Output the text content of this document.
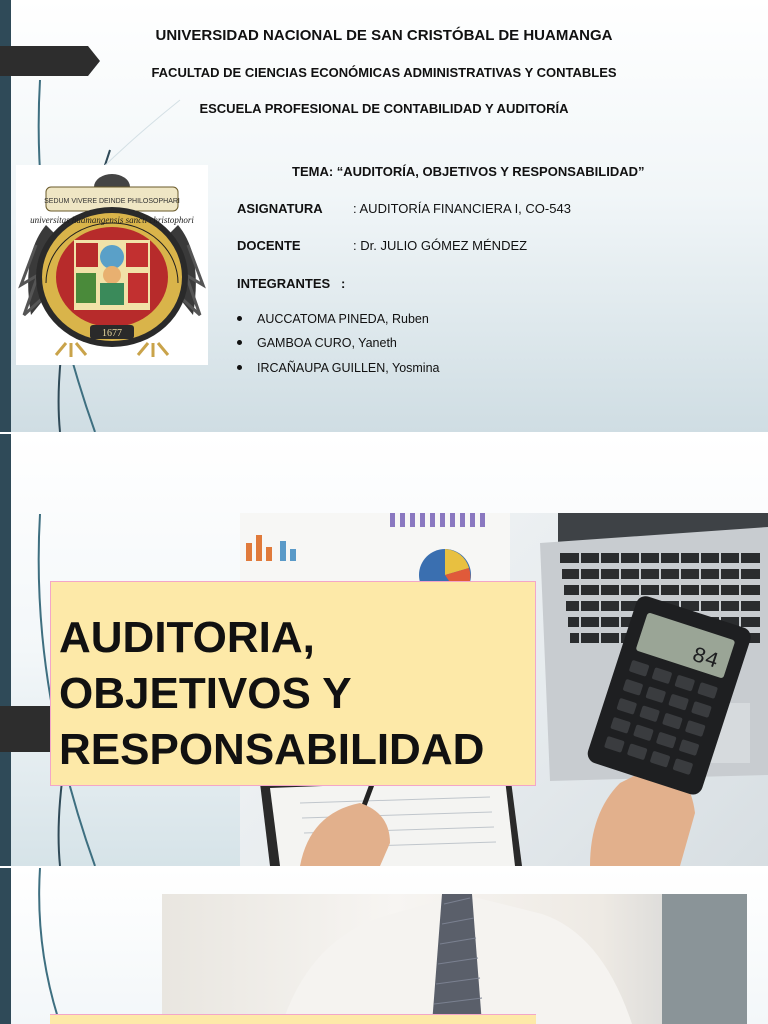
UNIVERSIDAD NACIONAL DE SAN CRISTÓBAL DE HUAMANGA
FACULTAD DE CIENCIAS ECONÓMICAS ADMINISTRATIVAS Y CONTABLES
ESCUELA PROFESIONAL DE CONTABILIDAD Y AUDITORÍA
SEDUM VIVERE DEINDE PHILOSOPHARI
universitas huamangensis sancti christophori
1677
TEMA: “AUDITORÍA, OBJETIVOS Y RESPONSABILIDAD”
ASIGNATURA : AUDITORÍA FINANCIERA I, CO-543
DOCENTE	: Dr. JULIO GÓMEZ MÉNDEZ
INTEGRANTES   :
AUCCATOMA PINEDA, Ruben
GAMBOA CURO, Yaneth
IRCAÑAUPA GUILLEN, Yosmina
84
AUDITORIA,
OBJETIVOS Y
RESPONSABILIDAD
